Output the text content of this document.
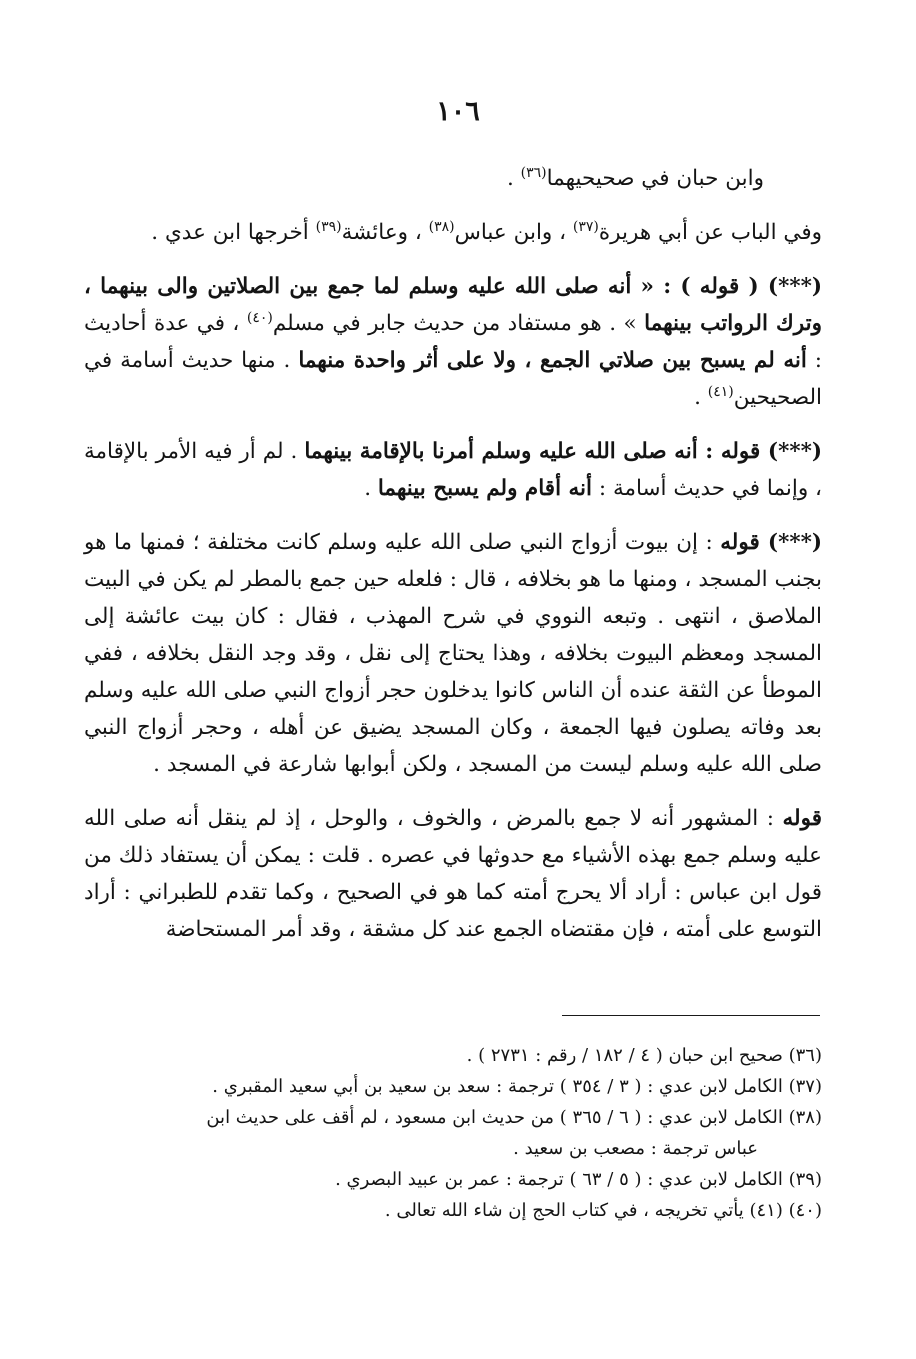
١٠٦

وابن حبان في صحيحيهما$^{(٣٦)}$ .

وفي الباب عن أبي هريرة$^{(٣٧)}$ ، وابن عباس$^{(٣٨)}$ ، وعائشة$^{(٣٩)}$ أخرجها ابن عدي .

(***) ( قوله ) : « أنه صلى الله عليه وسلم لما جمع بين الصلاتين والى بينهما ، وترك الرواتب بينهما » . هو مستفاد من حديث جابر في مسلم$^{(٤٠)}$ ، في عدة أحاديث : أنه لم يسبح بين صلاتي الجمع ، ولا على أثر واحدة منهما . منها حديث أسامة في الصحيحين$^{(٤١)}$ .

(***) قوله : أنه صلى الله عليه وسلم أمرنا بالإقامة بينهما . لم أر فيه الأمر بالإقامة ، وإنما في حديث أسامة : أنه أقام ولم يسبح بينهما .

(***) قوله : إن بيوت أزواج النبي صلى الله عليه وسلم كانت مختلفة ؛ فمنها ما هو بجنب المسجد ، ومنها ما هو بخلافه ، قال : فلعله حين جمع بالمطر لم يكن في البيت الملاصق ، انتهى . وتبعه النووي في شرح المهذب ، فقال : كان بيت عائشة إلى المسجد ومعظم البيوت بخلافه ، وهذا يحتاج إلى نقل ، وقد وجد النقل بخلافه ، ففي الموطأ عن الثقة عنده أن الناس كانوا يدخلون حجر أزواج النبي صلى الله عليه وسلم بعد وفاته يصلون فيها الجمعة ، وكان المسجد يضيق عن أهله ، وحجر أزواج النبي صلى الله عليه وسلم ليست من المسجد ، ولكن أبوابها شارعة في المسجد .

قوله : المشهور أنه لا جمع بالمرض ، والخوف ، والوحل ، إذ لم ينقل أنه صلى الله عليه وسلم جمع بهذه الأشياء مع حدوثها في عصره . قلت : يمكن أن يستفاد ذلك من قول ابن عباس : أراد ألا يحرج أمته كما هو في الصحيح ، وكما تقدم للطبراني : أراد التوسع على أمته ، فإن مقتضاه الجمع عند كل مشقة ، وقد أمر المستحاضة

(٣٦) صحيح ابن حبان ( ٤ / ١٨٢ / رقم : ٢٧٣١ ) .

(٣٧) الكامل لابن عدي : ( ٣ / ٣٥٤ ) ترجمة : سعد بن سعيد بن أبي سعيد المقبري .

(٣٨) الكامل لابن عدي : ( ٦ / ٣٦٥ ) من حديث ابن مسعود ، لم أقف على حديث ابن

عباس ترجمة : مصعب بن سعيد .

(٣٩) الكامل لابن عدي : ( ٥ / ٦٣ ) ترجمة : عمر بن عبيد البصري .

(٤٠) (٤١) يأتي تخريجه ، في كتاب الحج إن شاء الله تعالى .
